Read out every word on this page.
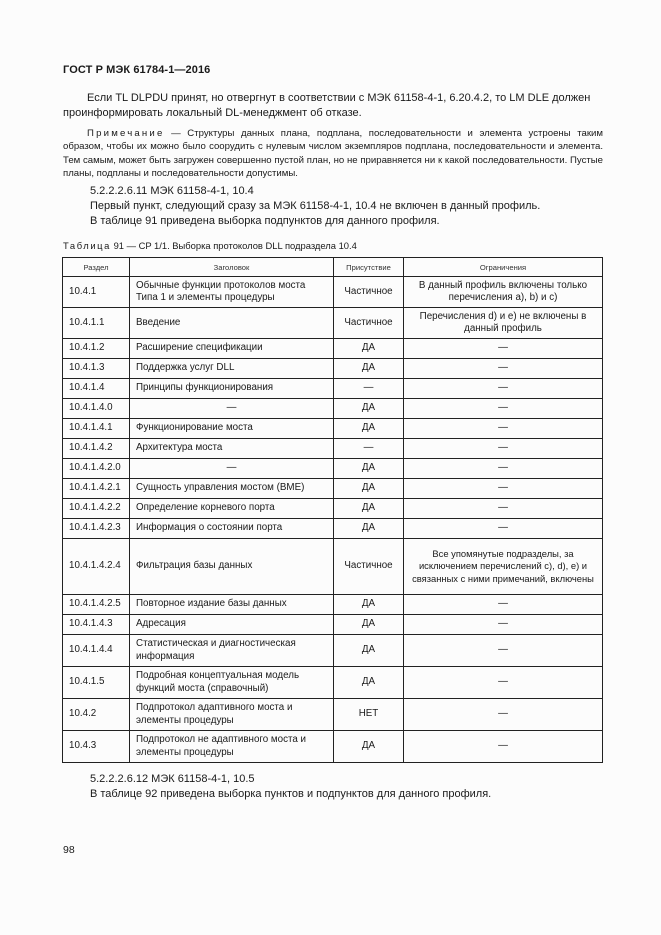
ГОСТ Р МЭК 61784-1—2016
Если TL DLPDU принят, но отвергнут в соответствии с МЭК 61158-4-1, 6.20.4.2, то LM DLE должен проинформировать локальный DL-менеджмент об отказе.
Примечание — Структуры данных плана, подплана, последовательности и элемента устроены таким образом, чтобы их можно было соорудить с нулевым числом экземпляров подплана, последовательности и элемента. Тем самым, может быть загружен совершенно пустой план, но не приравняется ни к какой последовательности. Пустые планы, подпланы и последовательности допустимы.
5.2.2.2.6.11 МЭК 61158-4-1, 10.4
Первый пункт, следующий сразу за МЭК 61158-4-1, 10.4 не включен в данный профиль.
В таблице 91 приведена выборка подпунктов для данного профиля.
Таблица 91 — CP 1/1. Выборка протоколов DLL подраздела 10.4
Раздел	Заголовок	Присутствие	Ограничения
10.4.1	Обычные функции протоколов моста Типа 1 и элементы процедуры	Частичное	В данный профиль включены только перечисления a), b) и c)
10.4.1.1	Введение	Частичное	Перечисления d) и e) не включены в данный профиль
10.4.1.2	Расширение спецификации	ДА	—
10.4.1.3	Поддержка услуг DLL	ДА	—
10.4.1.4	Принципы функционирования	—	—
10.4.1.4.0	—	ДА	—
10.4.1.4.1	Функционирование моста	ДА	—
10.4.1.4.2	Архитектура моста	—	—
10.4.1.4.2.0	—	ДА	—
10.4.1.4.2.1	Сущность управления мостом (BME)	ДА	—
10.4.1.4.2.2	Определение корневого порта	ДА	—
10.4.1.4.2.3	Информация о состоянии порта	ДА	—
10.4.1.4.2.4	Фильтрация базы данных	Частичное	Все упомянутые подразделы, за исключением перечислений c), d), e) и связанных с ними примечаний, включены
10.4.1.4.2.5	Повторное издание базы данных	ДА	—
10.4.1.4.3	Адресация	ДА	—
10.4.1.4.4	Статистическая и диагностическая информация	ДА	—
10.4.1.5	Подробная концептуальная модель функций моста (справочный)	ДА	—
10.4.2	Подпротокол адаптивного моста и элементы процедуры	НЕТ	—
10.4.3	Подпротокол не адаптивного моста и элементы процедуры	ДА	—
5.2.2.2.6.12 МЭК 61158-4-1, 10.5
В таблице 92 приведена выборка пунктов и подпунктов для данного профиля.
98
